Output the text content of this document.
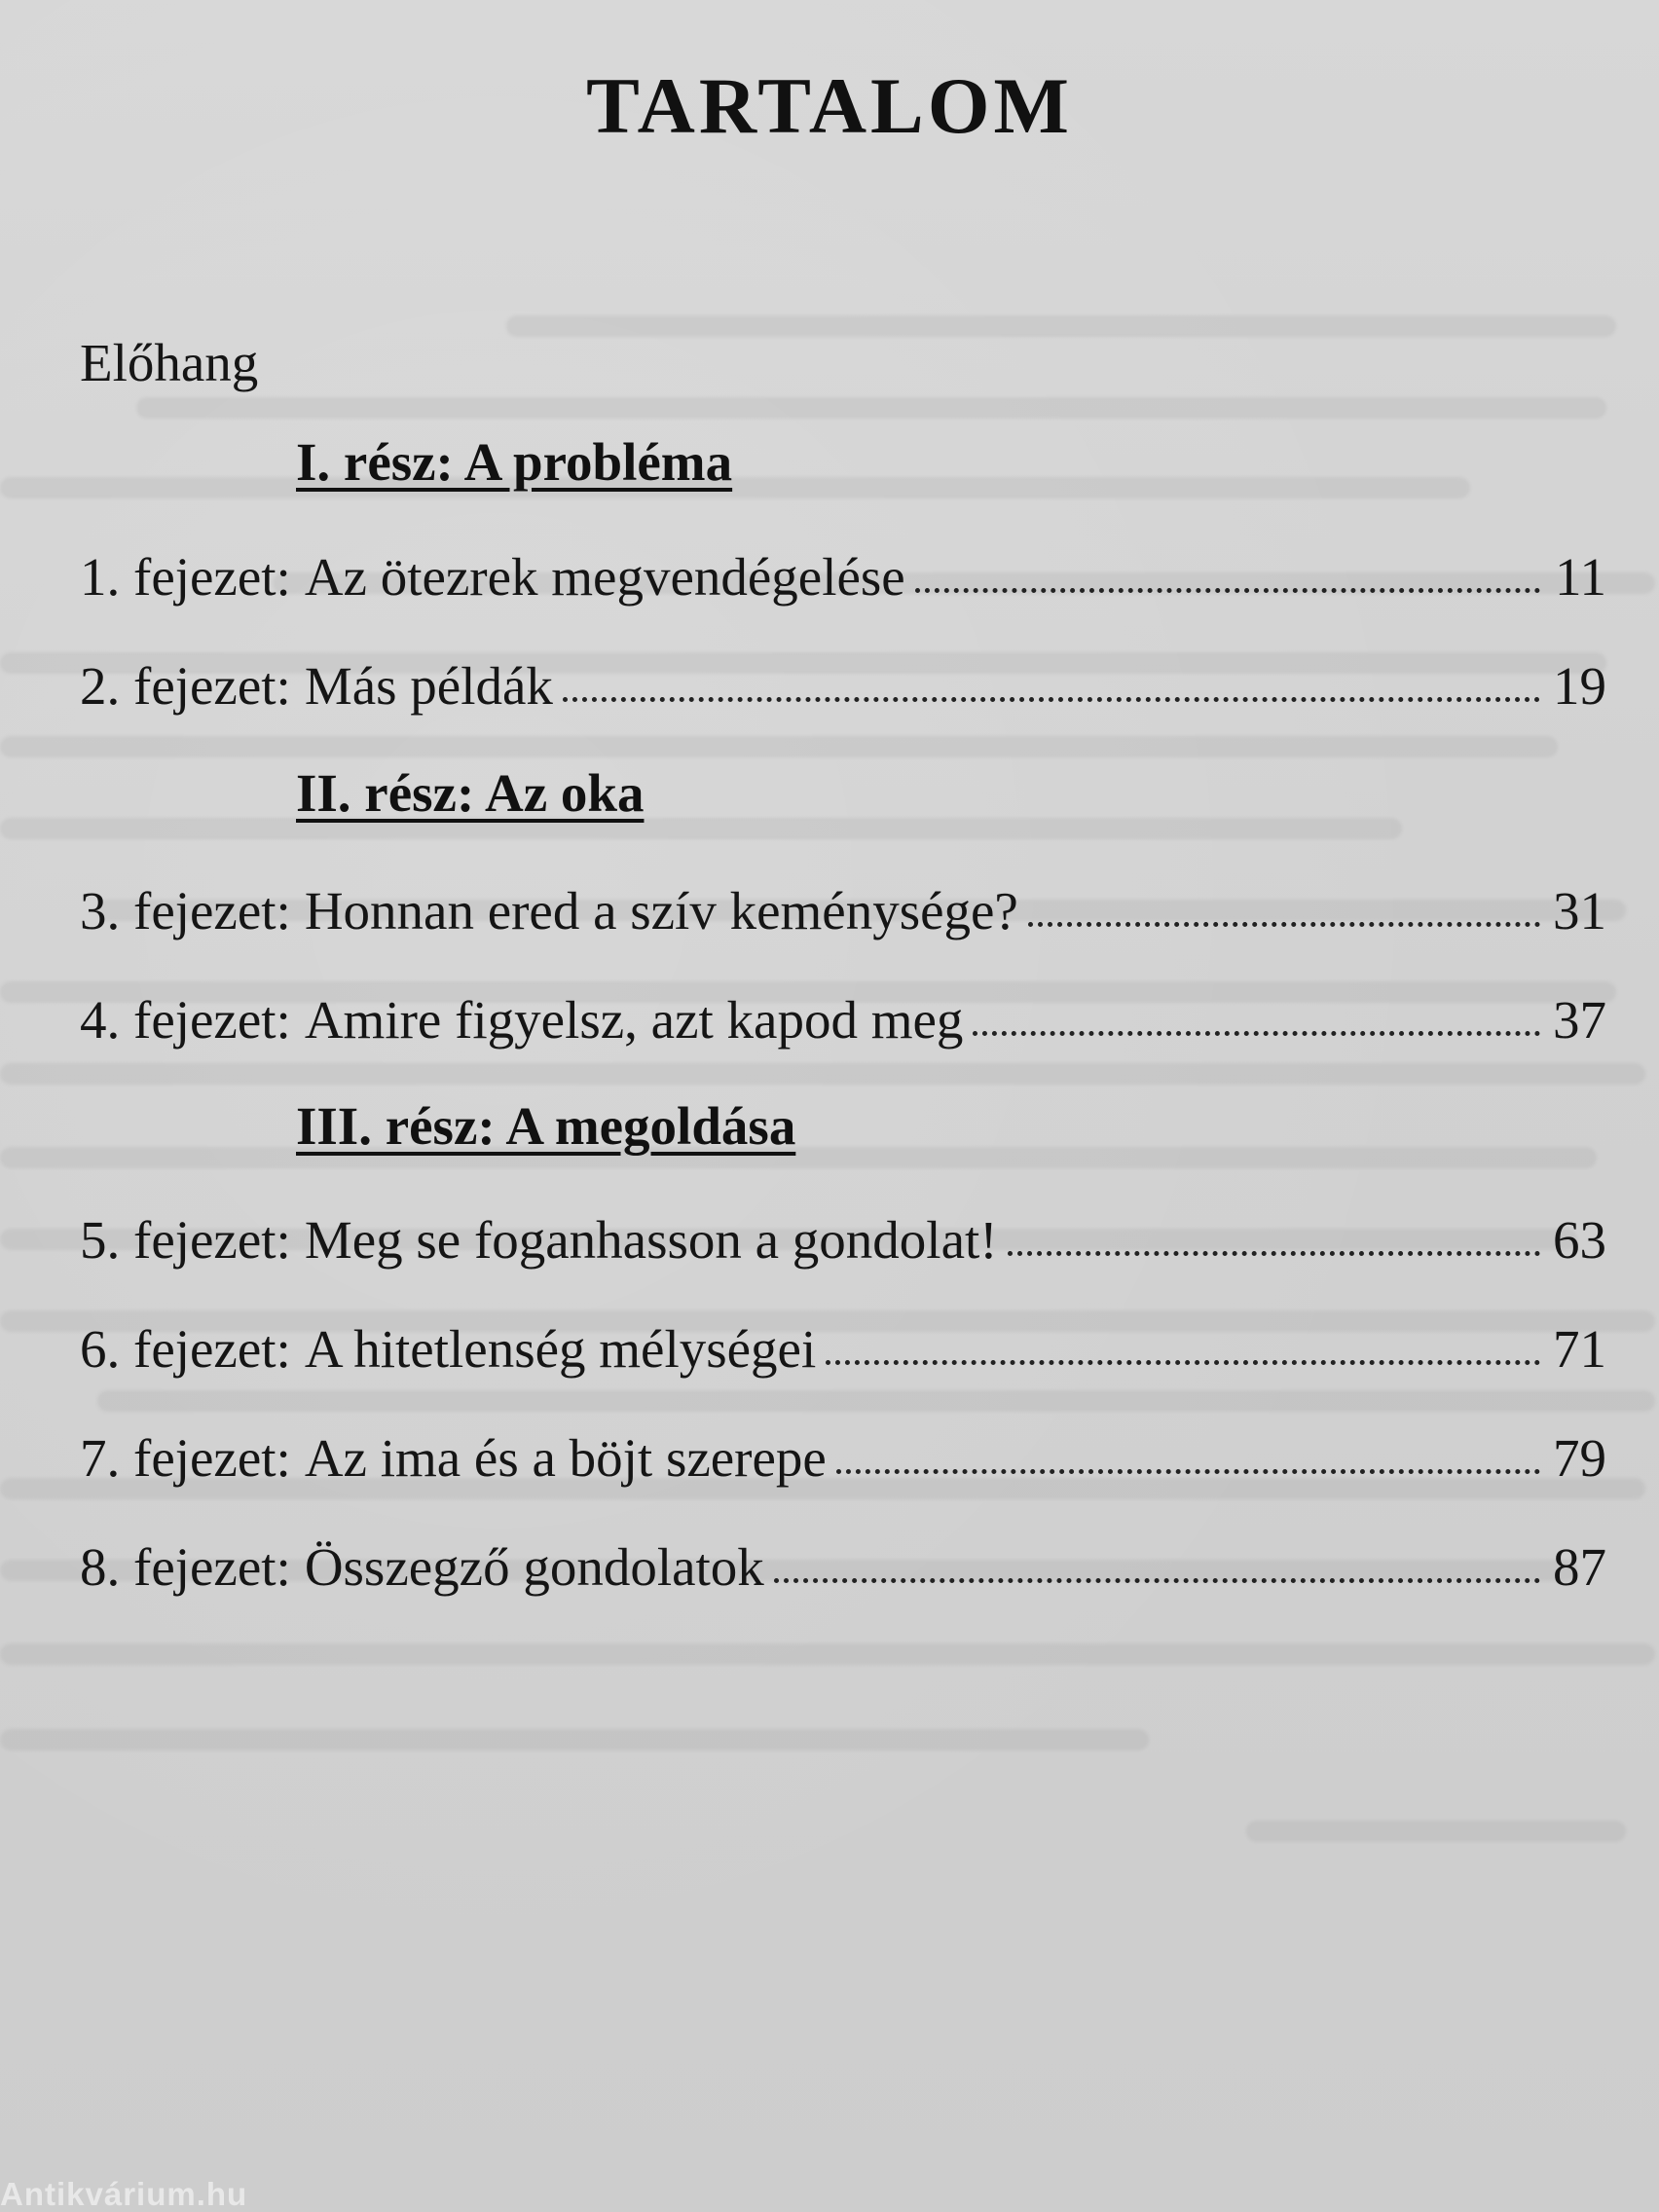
TARTALOM
Előhang
I. rész: A probléma
1. fejezet: Az ötezrek megvendégelése	11
2. fejezet: Más példák	19
II. rész: Az oka
3. fejezet: Honnan ered a szív keménysége?	31
4. fejezet: Amire figyelsz, azt kapod meg	37
III. rész: A megoldása
5. fejezet: Meg se foganhasson a gondolat!	63
6. fejezet: A hitetlenség mélységei	71
7. fejezet: Az ima és a böjt szerepe	79
8. fejezet: Összegző gondolatok	87
Antikvárium.hu
